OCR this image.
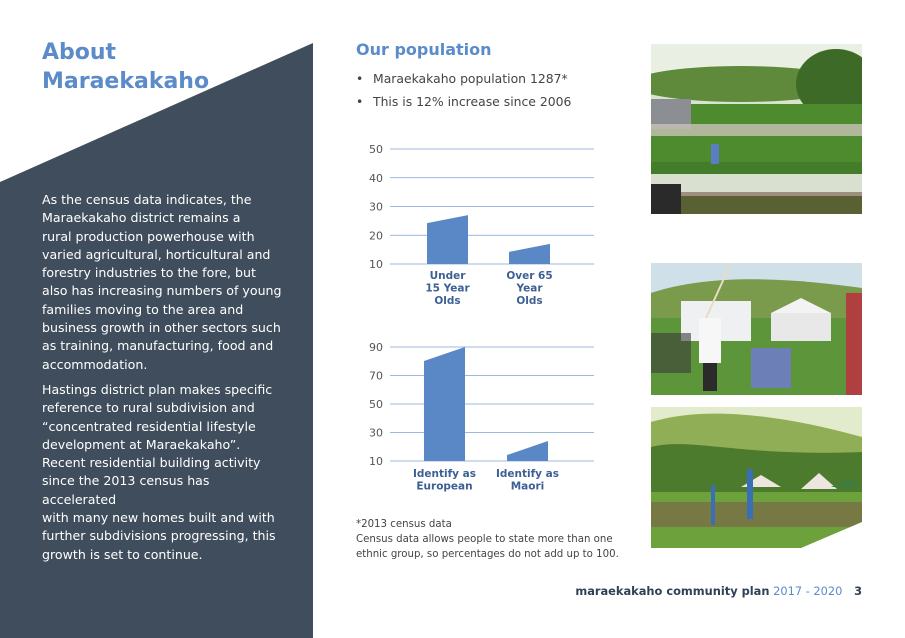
About
Maraekakaho
As the census data indicates, the
Maraekakaho district remains a
rural production powerhouse with
varied agricultural, horticultural and
forestry industries to the fore, but
also has increasing numbers of young
families moving to the area and
business growth in other sectors such
as training, manufacturing, food and
accommodation.
Hastings district plan makes specific
reference to rural subdivision and
“concentrated residential lifestyle
development at Maraekakaho”.
Recent residential building activity
since the 2013 census has accelerated
with many new homes built and with
further subdivisions progressing, this
growth is set to continue.
Our population
• Maraekakaho population 1287*
• This is 12% increase since 2006
50
40
30
20
10
Under
15 Year
Olds
Over 65
Year
Olds
90
70
50
30
10
Identify as
European
Identify as
Maori
*2013 census data
Census data allows people to state more than one
ethnic group, so percentages do not add up to 100.
maraekakaho community plan 2017 - 2020 3
